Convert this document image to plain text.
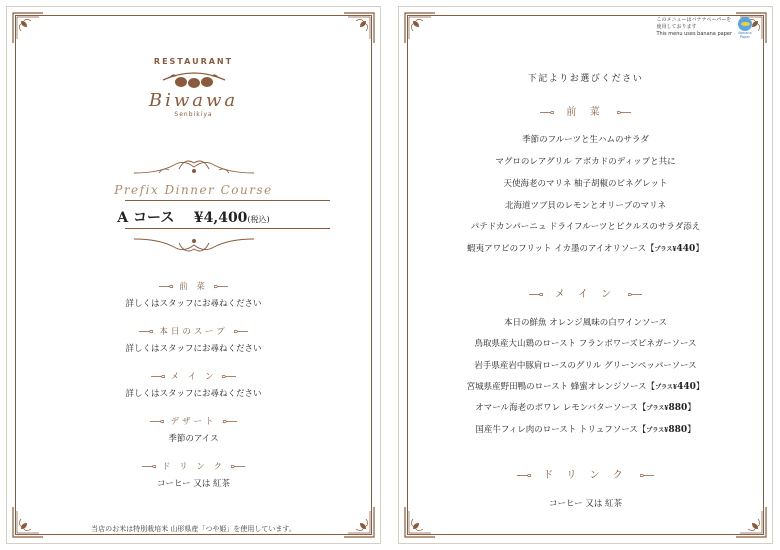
RESTAURANT
Biwawa
Senbikiya
Prefix Dinner Course
A コース ¥4,400(税込)
前 菜
詳しくはスタッフにお尋ねください
本日のスープ
詳しくはスタッフにお尋ねください
メ イ ン
詳しくはスタッフにお尋ねください
デザート
季節のアイス
ド リ ン ク
コーヒー 又は 紅茶
当店のお米は特別栽培米 山形県産「つや姫」を使用しています。
このメニューはバナナペーパーを
使用しております
This menu uses banana paper	Banana
Paper
下記よりお選びください
前 菜
季節のフルーツと生ハムのサラダ
マグロのレアグリル アボカドのディップと共に
天使海老のマリネ 柚子胡椒のビネグレット
北海道ツブ貝のレモンとオリーブのマリネ
パテドカンパーニュ ドライフルーツとピクルスのサラダ添え
蝦夷アワビのフリット イカ墨のアイオリソース【プラス¥440】
メ イ ン
本日の鮮魚 オレンジ風味の白ワインソース
鳥取県産大山鶏のロースト フランボワーズビネガーソース
岩手県産岩中豚肩ロースのグリル グリーンペッパーソース
宮城県産野田鴨のロースト 蜂蜜オレンジソース【プラス¥440】
オマール海老のポワレ レモンバターソース【プラス¥880】
国産牛フィレ肉のロースト トリュフソース【プラス¥880】
ド リ ン ク
コーヒー 又は 紅茶
